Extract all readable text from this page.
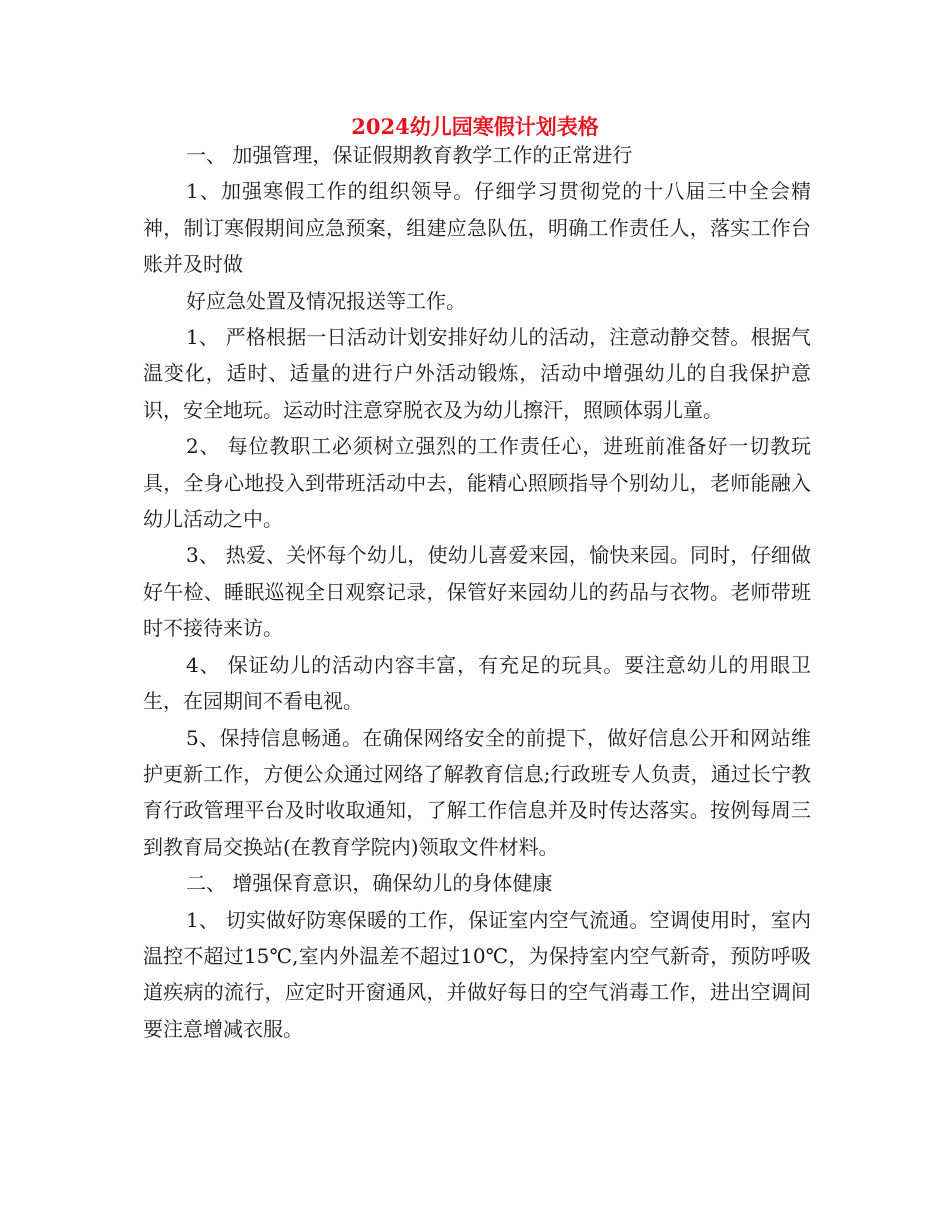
2024幼儿园寒假计划表格

一、 加强管理，保证假期教育教学工作的正常进行

1、加强寒假工作的组织领导。仔细学习贯彻党的十八届三中全会精神，制订寒假期间应急预案，组建应急队伍，明确工作责任人，落实工作台账并及时做

好应急处置及情况报送等工作。

1、 严格根据一日活动计划安排好幼儿的活动，注意动静交替。根据气温变化，适时、适量的进行户外活动锻炼，活动中增强幼儿的自我保护意识，安全地玩。运动时注意穿脱衣及为幼儿擦汗，照顾体弱儿童。

2、 每位教职工必须树立强烈的工作责任心，进班前准备好一切教玩具，全身心地投入到带班活动中去，能精心照顾指导个别幼儿，老师能融入幼儿活动之中。

3、 热爱、关怀每个幼儿，使幼儿喜爱来园，愉快来园。同时，仔细做好午检、睡眠巡视全日观察记录，保管好来园幼儿的药品与衣物。老师带班时不接待来访。

4、 保证幼儿的活动内容丰富，有充足的玩具。要注意幼儿的用眼卫生，在园期间不看电视。

5、保持信息畅通。在确保网络安全的前提下，做好信息公开和网站维护更新工作，方便公众通过网络了解教育信息;行政班专人负责，通过长宁教育行政管理平台及时收取通知，了解工作信息并及时传达落实。按例每周三到教育局交换站(在教育学院内)领取文件材料。

二、 增强保育意识，确保幼儿的身体健康

1、 切实做好防寒保暖的工作，保证室内空气流通。空调使用时，室内温控不超过15℃,室内外温差不超过10℃，为保持室内空气新奇，预防呼吸道疾病的流行，应定时开窗通风，并做好每日的空气消毒工作，进出空调间要注意增减衣服。
